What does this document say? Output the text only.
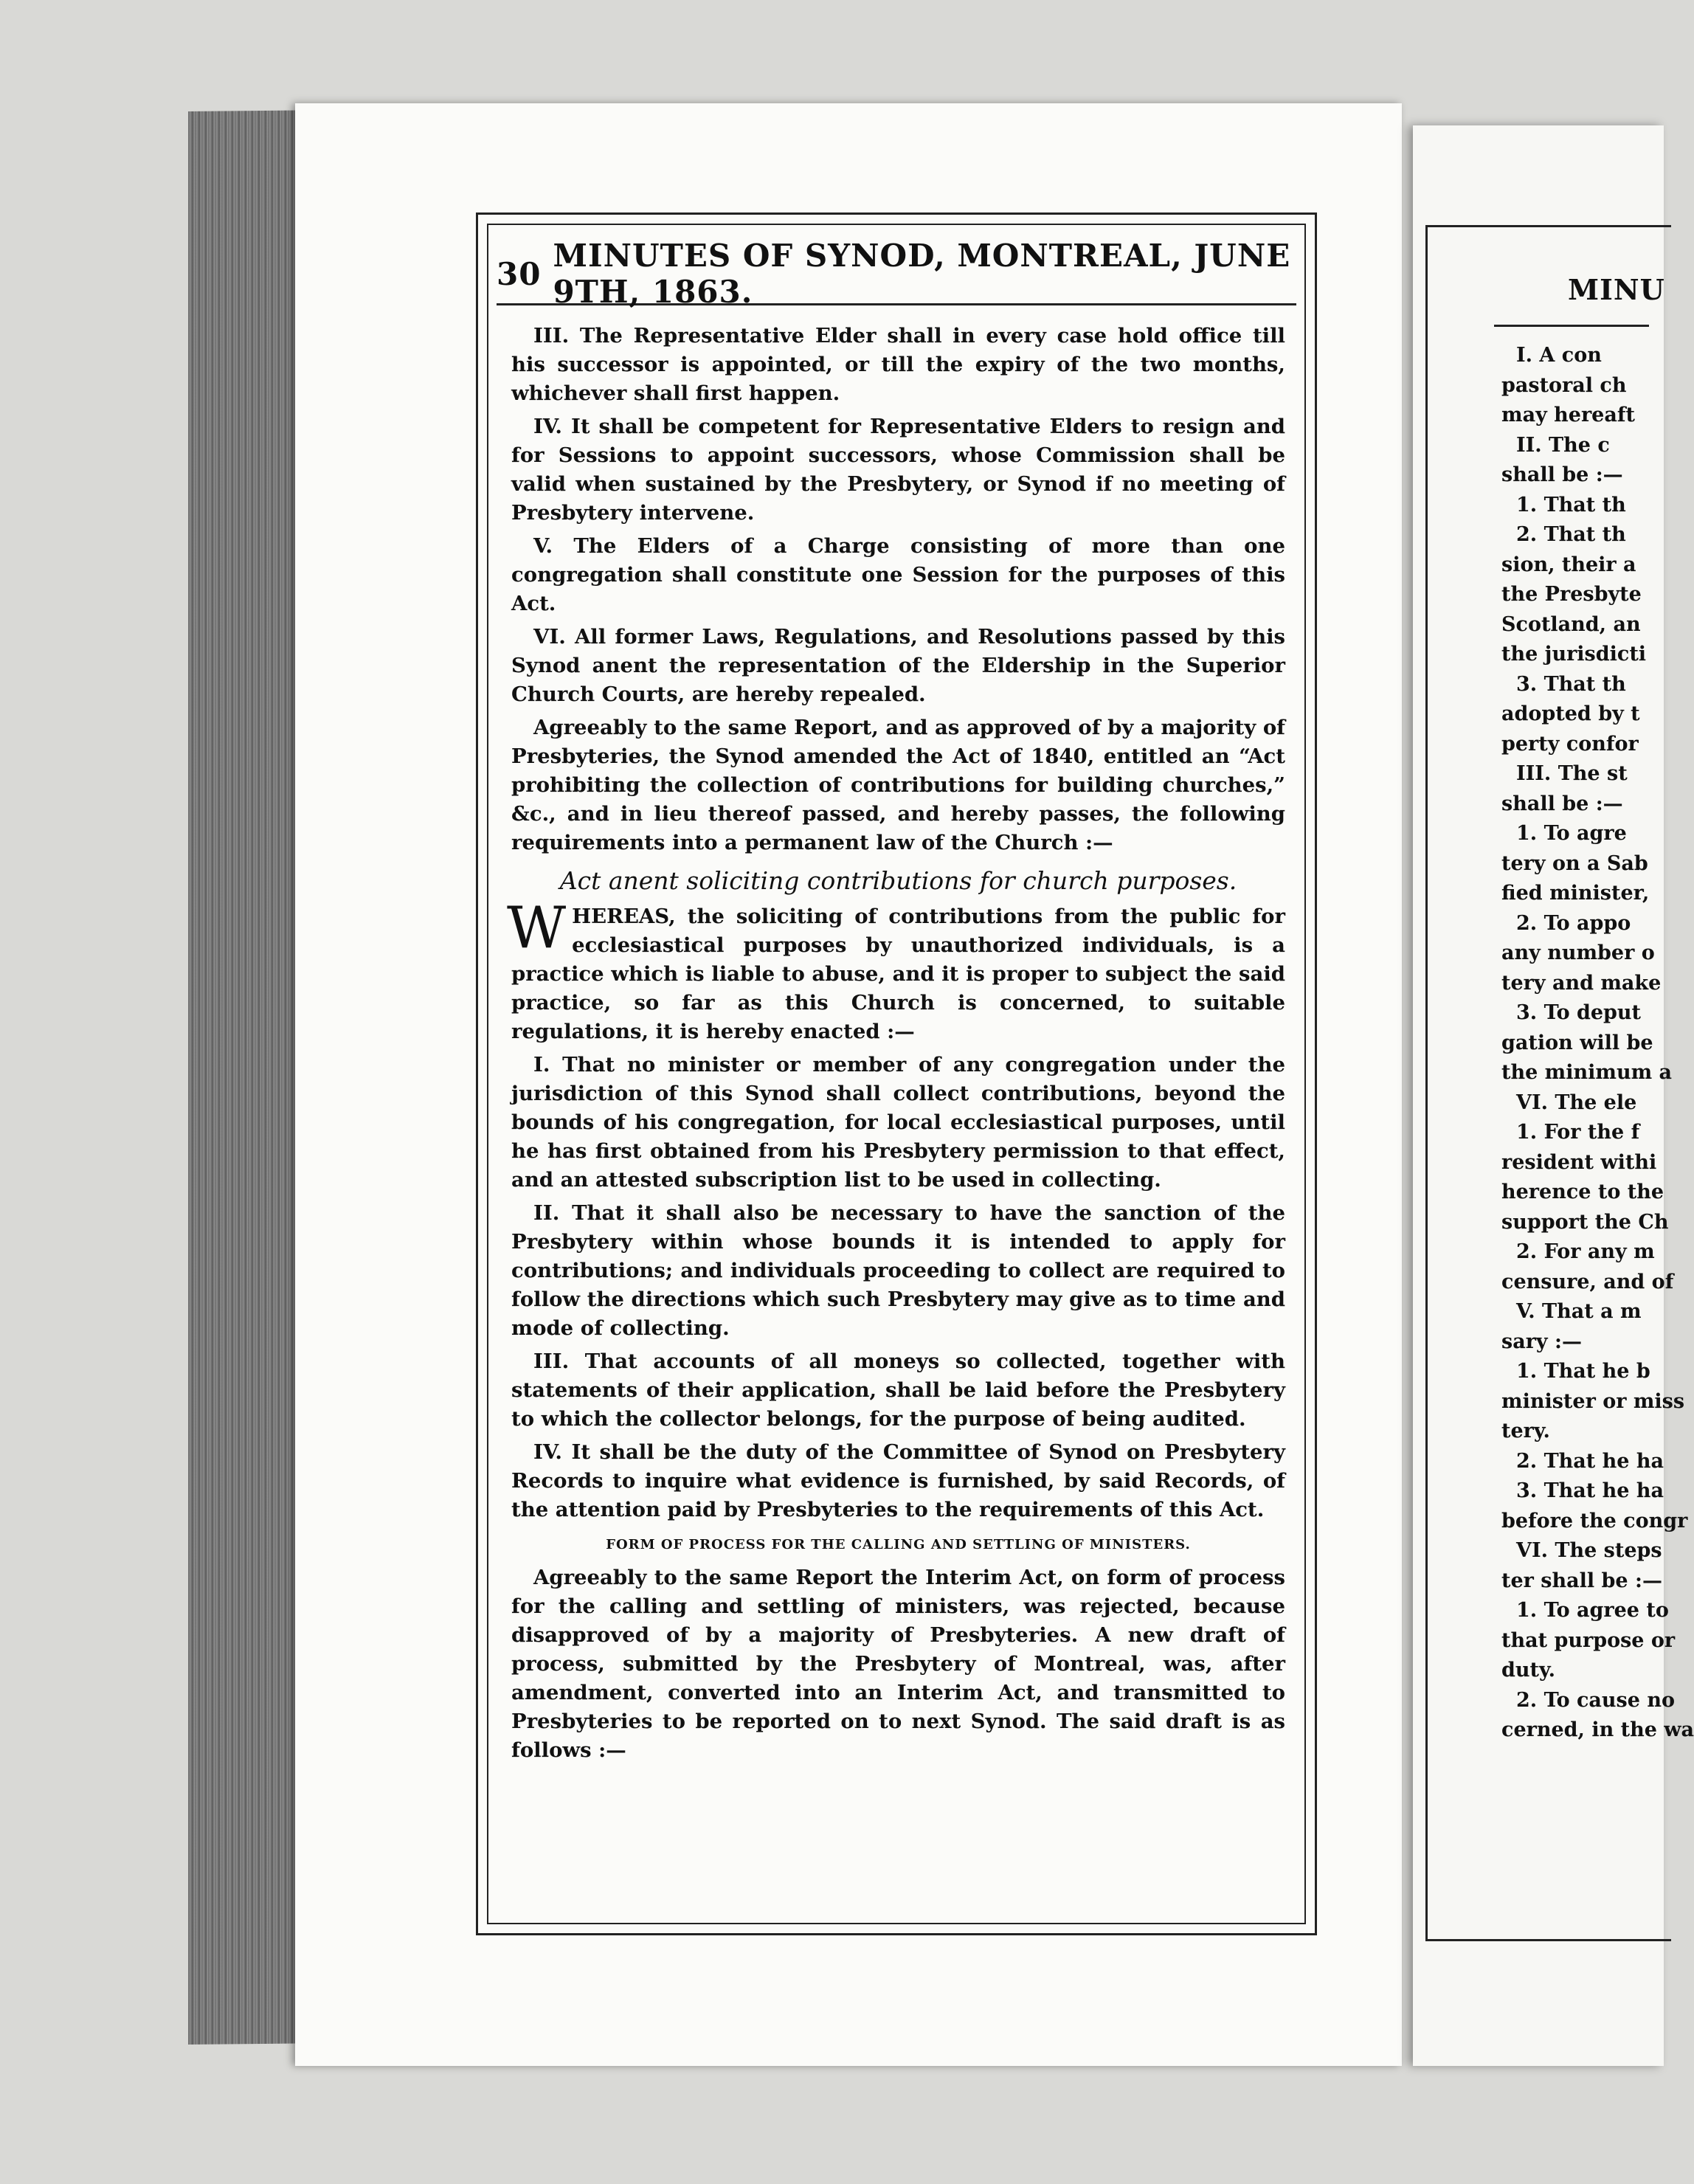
30 MINUTES OF SYNOD, MONTREAL, JUNE 9TH, 1863.

III. The Representative Elder shall in every case hold office till his successor is appointed, or till the expiry of the two months, whichever shall first happen.

IV. It shall be competent for Representative Elders to resign and for Sessions to appoint successors, whose Commission shall be valid when sustained by the Presbytery, or Synod if no meeting of Presbytery intervene.

V. The Elders of a Charge consisting of more than one congregation shall constitute one Session for the purposes of this Act.

VI. All former Laws, Regulations, and Resolutions passed by this Synod anent the representation of the Eldership in the Superior Church Courts, are hereby repealed.

Agreeably to the same Report, and as approved of by a majority of Presbyteries, the Synod amended the Act of 1840, entitled an “Act prohibiting the collection of contributions for building churches,” &c., and in lieu thereof passed, and hereby passes, the following requirements into a permanent law of the Church :—

Act anent soliciting contributions for church purposes.

WHEREAS, the soliciting of contributions from the public for ecclesiastical purposes by unauthorized individuals, is a practice which is liable to abuse, and it is proper to subject the said practice, so far as this Church is concerned, to suitable regulations, it is hereby enacted :—

I. That no minister or member of any congregation under the jurisdiction of this Synod shall collect contributions, beyond the bounds of his congregation, for local ecclesiastical purposes, until he has first obtained from his Presbytery permission to that effect, and an attested subscription list to be used in collecting.

II. That it shall also be necessary to have the sanction of the Presbytery within whose bounds it is intended to apply for contributions; and individuals proceeding to collect are required to follow the directions which such Presbytery may give as to time and mode of collecting.

III. That accounts of all moneys so collected, together with statements of their application, shall be laid before the Presbytery to which the collector belongs, for the purpose of being audited.

IV. It shall be the duty of the Committee of Synod on Presbytery Records to inquire what evidence is furnished, by said Records, of the attention paid by Presbyteries to the requirements of this Act.

FORM OF PROCESS FOR THE CALLING AND SETTLING OF MINISTERS.

Agreeably to the same Report the Interim Act, on form of process for the calling and settling of ministers, was rejected, because disapproved of by a majority of Presbyteries. A new draft of process, submitted by the Presbytery of Montreal, was, after amendment, converted into an Interim Act, and transmitted to Presbyteries to be reported on to next Synod. The said draft is as follows :—

MINU
I. A con
pastoral ch
may hereaft
II. The c
shall be :—
1. That th
2. That th
sion, their a
the Presbyte
Scotland, an
the jurisdicti
3. That th
adopted by t
perty confor
III. The st
shall be :—
1. To agre
tery on a Sab
fied minister,
2. To appo
any number o
tery and make
3. To deput
gation will be
the minimum a
VI. The ele
1. For the f
resident withi
herence to the
support the Ch
2. For any m
censure, and of
V. That a m
sary :—
1. That he b
minister or miss
tery.
2. That he ha
3. That he ha
before the congr
VI. The steps
ter shall be :—
1. To agree to
that purpose or
duty.
2. To cause no
cerned, in the wa
